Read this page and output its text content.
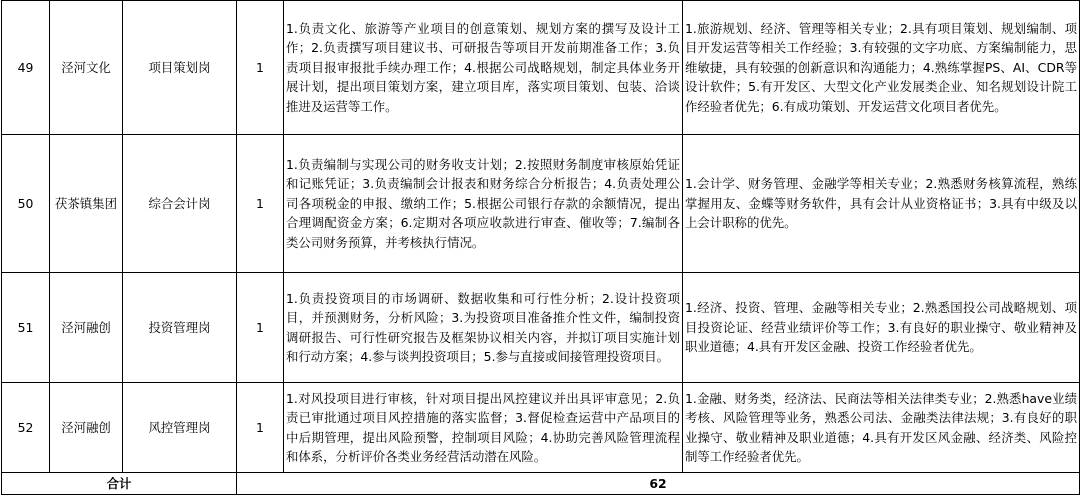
49	泾河文化	项目策划岗	1	1.负责文化、旅游等产业项目的创意策划、规划方案的撰写及设计工作；2.负责撰写项目建议书、可研报告等项目开发前期准备工作；3.负责项目报审报批手续办理工作；4.根据公司战略规划，制定具体业务开展计划，提出项目策划方案，建立项目库，落实项目策划、包装、洽谈推进及运营等工作。	1.旅游规划、经济、管理等相关专业；2.具有项目策划、规划编制、项目开发运营等相关工作经验；3.有较强的文字功底、方案编制能力，思维敏捷，具有较强的创新意识和沟通能力；4.熟练掌握PS、AI、CDR等设计软件；5.有开发区、大型文化产业发展类企业、知名规划设计院工作经验者优先；6.有成功策划、开发运营文化项目者优先。
50	茯茶镇集团	综合会计岗	1	1.负责编制与实现公司的财务收支计划；2.按照财务制度审核原始凭证和记账凭证；3.负责编制会计报表和财务综合分析报告；4.负责处理公司各项税金的申报、缴纳工作；5.根据公司银行存款的余额情况，提出合理调配资金方案；6.定期对各项应收款进行审查、催收等；7.编制各类公司财务预算，并考核执行情况。	1.会计学、财务管理、金融学等相关专业；2.熟悉财务核算流程，熟练掌握用友、金蝶等财务软件，具有会计从业资格证书；3.具有中级及以上会计职称的优先。
51	泾河融创	投资管理岗	1	1.负责投资项目的市场调研、数据收集和可行性分析；2.设计投资项目，并预测财务，分析风险；3.为投资项目准备推介性文件，编制投资调研报告、可行性研究报告及框架协议相关内容，并拟订项目实施计划和行动方案；4.参与谈判投资项目；5.参与直接或间接管理投资项目。	1.经济、投资、管理、金融等相关专业；2.熟悉国投公司战略规划、项目投资论证、经营业绩评价等工作；3.有良好的职业操守、敬业精神及职业道德；4.具有开发区金融、投资工作经验者优先。
52	泾河融创	风控管理岗	1	1.对风投项目进行审核，针对项目提出风控建议并出具评审意见；2.负责已审批通过项目风控措施的落实监督；3.督促检查运营中产品项目的中后期管理，提出风险预警，控制项目风险；4.协助完善风险管理流程和体系，分析评价各类业务经营活动潜在风险。	1.金融、财务类，经济法、民商法等相关法律类专业；2.熟悉have业绩考核、风险管理等业务，熟悉公司法、金融类法律法规；3.有良好的职业操守、敬业精神及职业道德；4.具有开发区风金融、经济类、风险控制等工作经验者优先。
合计			62		
